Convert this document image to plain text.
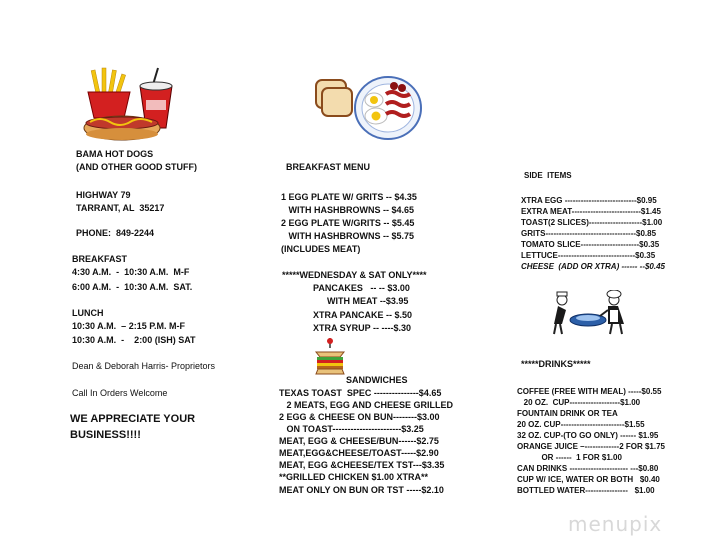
BAMA HOT DOGS
(AND OTHER GOOD STUFF)
HIGHWAY 79
TARRANT, AL  35217
PHONE:  849-2244
BREAKFAST
4:30 A.M.  -  10:30 A.M.  M-F
6:00 A.M.  -  10:30 A.M.  SAT.
LUNCH
10:30 A.M.  – 2:15 P.M. M-F
10:30 A.M.  -    2:00 (ISH) SAT
Dean & Deborah Harris- Proprietors
Call In Orders Welcome
WE APPRECIATE YOUR
BUSINESS!!!!
BREAKFAST MENU
1 EGG PLATE W/ GRITS -- $4.35
WITH HASHBROWNS -- $4.65
2 EGG PLATE W/GRITS -- $5.45
WITH HASHBROWNS -- $5.75
(INCLUDES MEAT)
*****WEDNESDAY & SAT ONLY****
PANCAKES   -- -- $3.00
WITH MEAT --$3.95
XTRA PANCAKE -- $.50
XTRA SYRUP -- ----$.30
SANDWICHES
TEXAS TOAST  SPEC ---------------$4.65
2 MEATS, EGG AND CHEESE GRILLED
2 EGG & CHEESE ON BUN--------$3.00
ON TOAST-----------------------$3.25
MEAT, EGG & CHEESE/BUN------$2.75
MEAT,EGG&CHEESE/TOAST-----$2.90
MEAT, EGG &CHEESE/TEX TST---$3.35
**GRILLED CHICKEN $1.00 XTRA**
MEAT ONLY ON BUN OR TST -----$2.10
SIDE  ITEMS
XTRA EGG ---------------------------$0.95
EXTRA MEAT--------------------------$1.45
TOAST(2 SLICES)--------------------$1.00
GRITS----------------------------------$0.85
TOMATO SLICE----------------------$0.35
LETTUCE-----------------------------$0.35
CHEESE  (ADD OR XTRA) ------ --$0.45
*****DRINKS*****
COFFEE (FREE WITH MEAL) -----$0.55
20 OZ.  CUP-------------------$1.00
FOUNTAIN DRINK OR TEA
20 OZ. CUP------------------------$1.55
32 OZ. CUP-(TO GO ONLY) ------ $1.95
ORANGE JUICE –-------------2 FOR $1.75
OR ------  1 FOR $1.00
CAN DRINKS ---------------------- ---$0.80
CUP W/ ICE, WATER OR BOTH   $0.40
BOTTLED WATER----------------   $1.00
menupix
